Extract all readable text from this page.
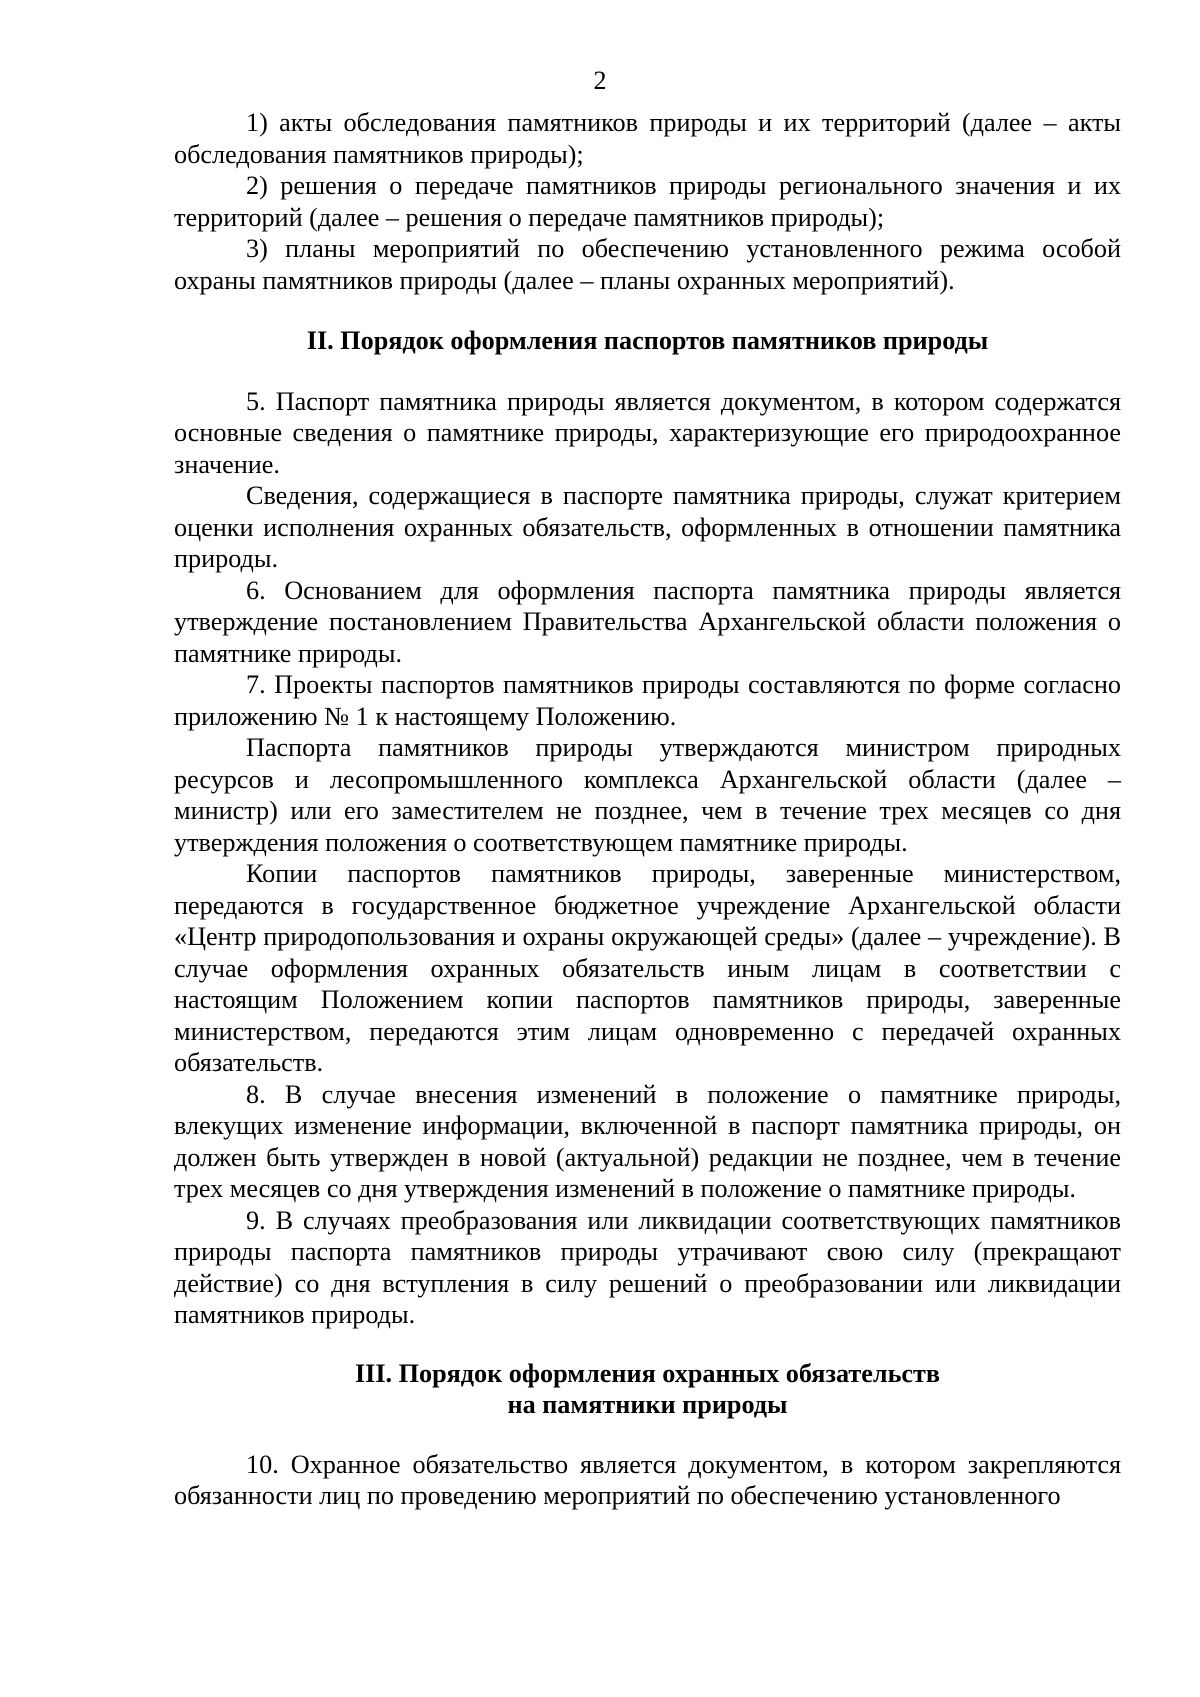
2

1) акты обследования памятников природы и их территорий (далее – акты обследования памятников природы);

2) решения о передаче памятников природы регионального значения и их территорий (далее – решения о передаче памятников природы);

3) планы мероприятий по обеспечению установленного режима особой охраны памятников природы (далее – планы охранных мероприятий).

II. Порядок оформления паспортов памятников природы

5. Паспорт памятника природы является документом, в котором содержатся основные сведения о памятнике природы, характеризующие его природоохранное значение.

Сведения, содержащиеся в паспорте памятника природы, служат критерием оценки исполнения охранных обязательств, оформленных в отношении памятника природы.

6. Основанием для оформления паспорта памятника природы является утверждение постановлением Правительства Архангельской области положения о памятнике природы.

7. Проекты паспортов памятников природы составляются по форме согласно приложению № 1 к настоящему Положению.

Паспорта памятников природы утверждаются министром природных ресурсов и лесопромышленного комплекса Архангельской области (далее – министр) или его заместителем не позднее, чем в течение трех месяцев со дня утверждения положения о соответствующем памятнике природы.

Копии паспортов памятников природы, заверенные министерством, передаются в государственное бюджетное учреждение Архангельской области «Центр природопользования и охраны окружающей среды» (далее – учреждение). В случае оформления охранных обязательств иным лицам в соответствии с настоящим Положением копии паспортов памятников природы, заверенные министерством, передаются этим лицам одновременно с передачей охранных обязательств.

8. В случае внесения изменений в положение о памятнике природы, влекущих изменение информации, включенной в паспорт памятника природы, он должен быть утвержден в новой (актуальной) редакции не позднее, чем в течение трех месяцев со дня утверждения изменений в положение о памятнике природы.

9. В случаях преобразования или ликвидации соответствующих памятников природы паспорта памятников природы утрачивают свою силу (прекращают действие) со дня вступления в силу решений о преобразовании или ликвидации памятников природы.

III. Порядок оформления охранных обязательств
на памятники природы

10. Охранное обязательство является документом, в котором закрепляются обязанности лиц по проведению мероприятий по обеспечению установленного
